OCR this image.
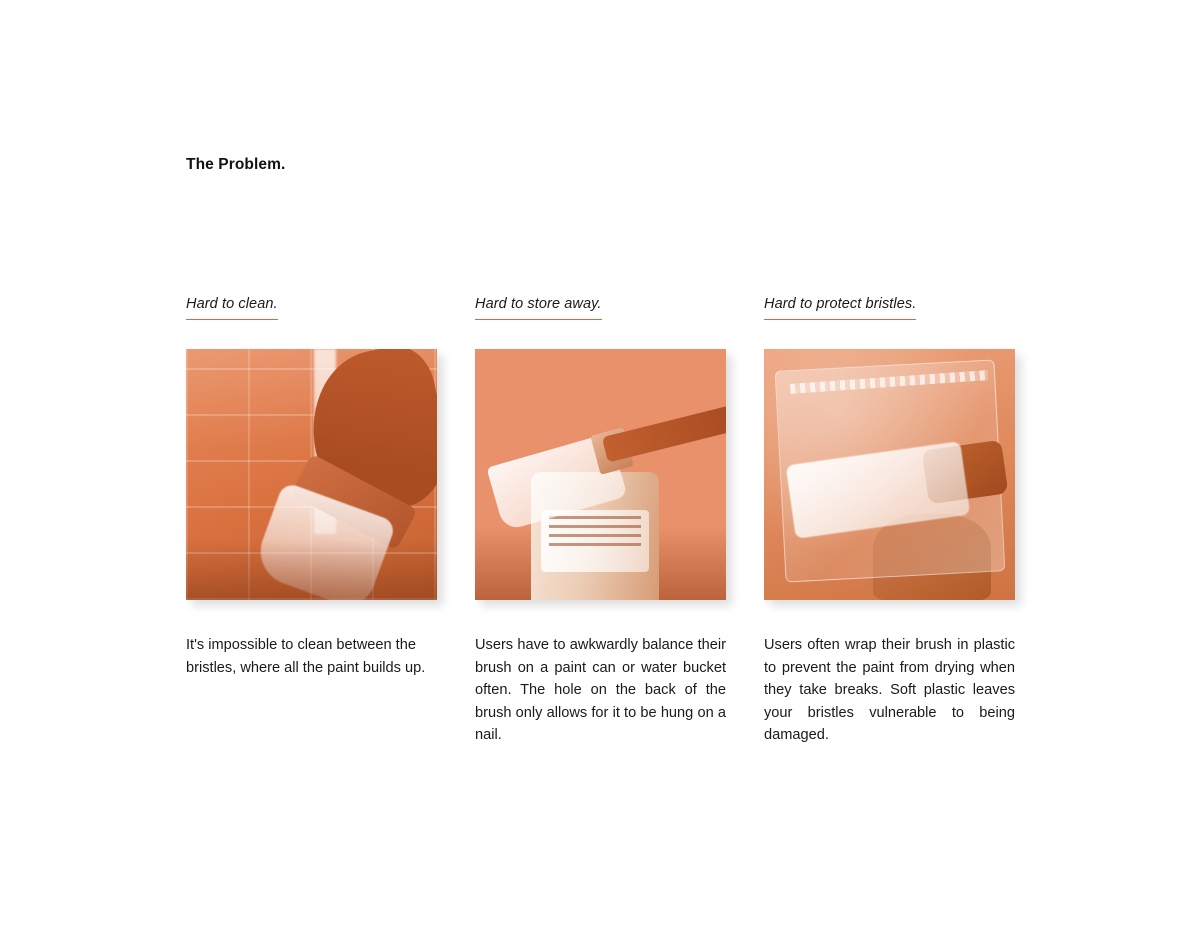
The Problem.
Hard to clean.
It's impossible to clean between the bristles, where all the paint builds up.
Hard to store away.
Users have to awkwardly balance their brush on a paint can or water bucket often. The hole on the back of the brush only allows for it to be hung on a nail.
Hard to protect bristles.
Users often wrap their brush in plastic to prevent the paint from drying when they take breaks. Soft plastic leaves your bristles vulnerable to being damaged.
